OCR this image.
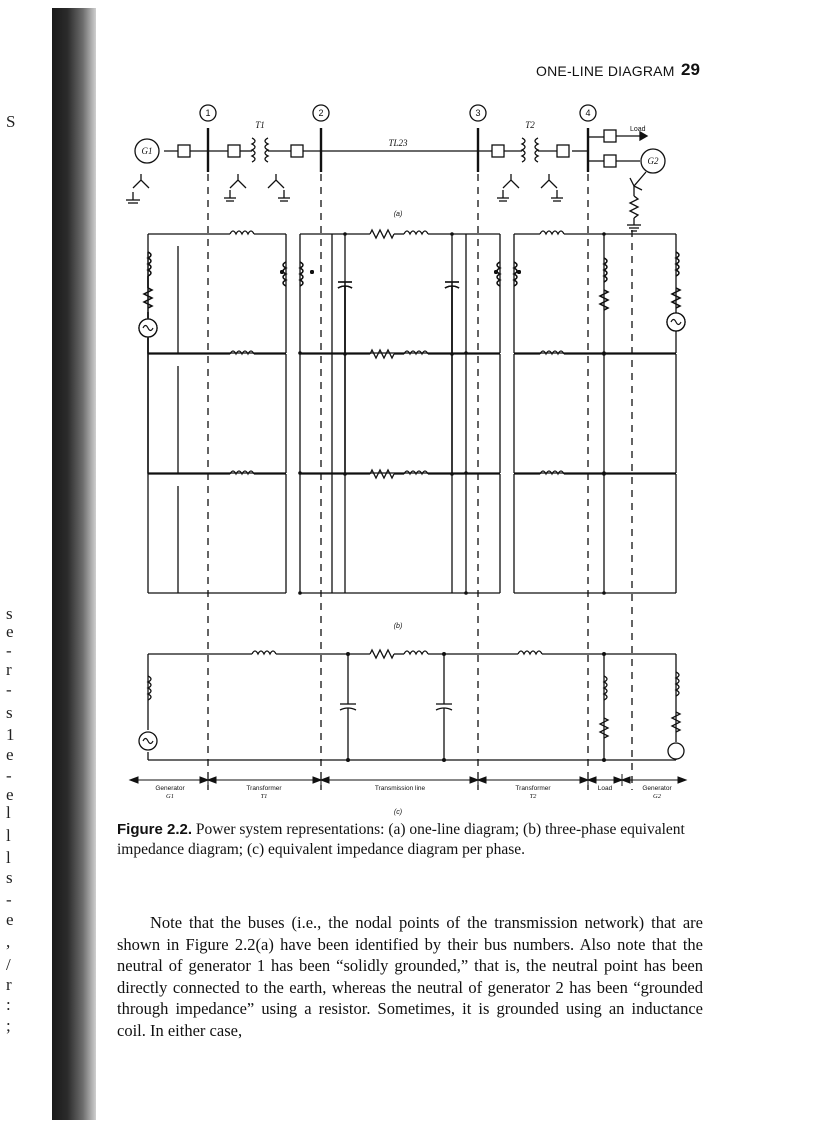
S
s
e
-
r
-
s
1
e
-
e
l
l
l
s
-
e
,
/
r
:
;
ONE-LINE DIAGRAM 29
1	2	3	4
T1	T2
TL23
G1
G2
Load
(a)
(b)
Generator
G1
Transformer
T1
Transmission line	Transformer
T2
Load	Generator
G2
(c)
Figure 2.2. Power system representations: (a) one-line diagram; (b) three-phase equivalent impedance diagram; (c) equivalent impedance diagram per phase.
Note that the buses (i.e., the nodal points of the transmission network) that are shown in Figure 2.2(a) have been identified by their bus numbers. Also note that the neutral of generator 1 has been “solidly grounded,” that is, the neutral point has been directly connected to the earth, whereas the neutral of generator 2 has been “grounded through impedance” using a resistor. Sometimes, it is grounded using an inductance coil. In either case,
